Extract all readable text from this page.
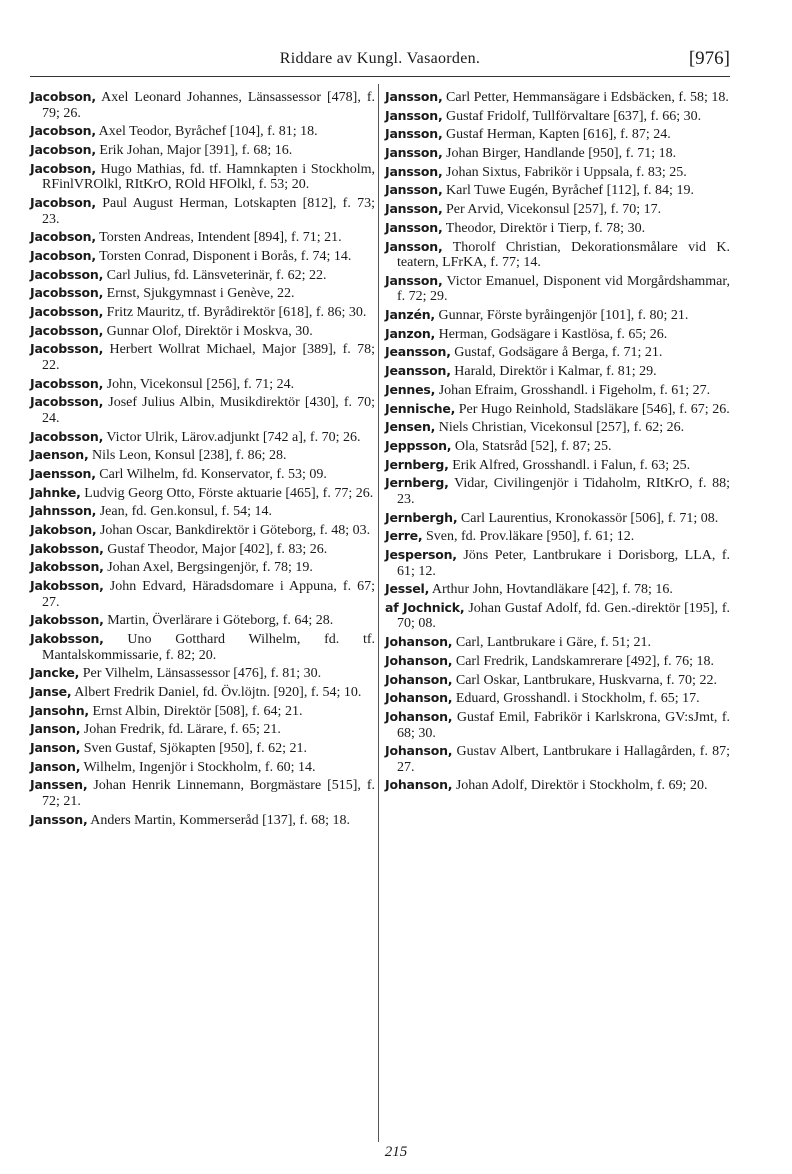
Riddare av Kungl. Vasaorden.	[976]

Jacobson, Axel Leonard Johannes, Länsassessor [478], f. 79; 26.

Jacobson, Axel Teodor, Byråchef [104], f. 81; 18.

Jacobson, Erik Johan, Major [391], f. 68; 16.

Jacobson, Hugo Mathias, fd. tf. Hamnkapten i Stockholm, RFinlVROlkl, RItKrO, ROld HFOlkl, f. 53; 20.

Jacobson, Paul August Herman, Lotskapten [812], f. 73; 23.

Jacobson, Torsten Andreas, Intendent [894], f. 71; 21.

Jacobson, Torsten Conrad, Disponent i Borås, f. 74; 14.

Jacobsson, Carl Julius, fd. Länsveterinär, f. 62; 22.

Jacobsson, Ernst, Sjukgymnast i Genève, 22.

Jacobsson, Fritz Mauritz, tf. Byrådirektör [618], f. 86; 30.

Jacobsson, Gunnar Olof, Direktör i Moskva, 30.

Jacobsson, Herbert Wollrat Michael, Major [389], f. 78; 22.

Jacobsson, John, Vicekonsul [256], f. 71; 24.

Jacobsson, Josef Julius Albin, Musikdirektör [430], f. 70; 24.

Jacobsson, Victor Ulrik, Lärov.adjunkt [742 a], f. 70; 26.

Jaenson, Nils Leon, Konsul [238], f. 86; 28.

Jaensson, Carl Wilhelm, fd. Konservator, f. 53; 09.

Jahnke, Ludvig Georg Otto, Förste aktuarie [465], f. 77; 26.

Jahnsson, Jean, fd. Gen.konsul, f. 54; 14.

Jakobson, Johan Oscar, Bankdirektör i Göteborg, f. 48; 03.

Jakobsson, Gustaf Theodor, Major [402], f. 83; 26.

Jakobsson, Johan Axel, Bergsingenjör, f. 78; 19.

Jakobsson, John Edvard, Häradsdomare i Appuna, f. 67; 27.

Jakobsson, Martin, Överlärare i Göteborg, f. 64; 28.

Jakobsson, Uno Gotthard Wilhelm, fd. tf. Mantalskommissarie, f. 82; 20.

Jancke, Per Vilhelm, Länsassessor [476], f. 81; 30.

Janse, Albert Fredrik Daniel, fd. Öv.löjtn. [920], f. 54; 10.

Jansohn, Ernst Albin, Direktör [508], f. 64; 21.

Janson, Johan Fredrik, fd. Lärare, f. 65; 21.

Janson, Sven Gustaf, Sjökapten [950], f. 62; 21.

Janson, Wilhelm, Ingenjör i Stockholm, f. 60; 14.

Janssen, Johan Henrik Linnemann, Borgmästare [515], f. 72; 21.

Jansson, Anders Martin, Kommerseråd [137], f. 68; 18.

Jansson, Carl Petter, Hemmansägare i Edsbäcken, f. 58; 18.

Jansson, Gustaf Fridolf, Tullförvaltare [637], f. 66; 30.

Jansson, Gustaf Herman, Kapten [616], f. 87; 24.

Jansson, Johan Birger, Handlande [950], f. 71; 18.

Jansson, Johan Sixtus, Fabrikör i Uppsala, f. 83; 25.

Jansson, Karl Tuwe Eugén, Byråchef [112], f. 84; 19.

Jansson, Per Arvid, Vicekonsul [257], f. 70; 17.

Jansson, Theodor, Direktör i Tierp, f. 78; 30.

Jansson, Thorolf Christian, Dekorationsmålare vid K. teatern, LFrKA, f. 77; 14.

Jansson, Victor Emanuel, Disponent vid Morgårdshammar, f. 72; 29.

Janzén, Gunnar, Förste byråingenjör [101], f. 80; 21.

Janzon, Herman, Godsägare i Kastlösa, f. 65; 26.

Jeansson, Gustaf, Godsägare å Berga, f. 71; 21.

Jeansson, Harald, Direktör i Kalmar, f. 81; 29.

Jennes, Johan Efraim, Grosshandl. i Figeholm, f. 61; 27.

Jennische, Per Hugo Reinhold, Stadsläkare [546], f. 67; 26.

Jensen, Niels Christian, Vicekonsul [257], f. 62; 26.

Jeppsson, Ola, Statsråd [52], f. 87; 25.

Jernberg, Erik Alfred, Grosshandl. i Falun, f. 63; 25.

Jernberg, Vidar, Civilingenjör i Tidaholm, RItKrO, f. 88; 23.

Jernbergh, Carl Laurentius, Kronokassör [506], f. 71; 08.

Jerre, Sven, fd. Prov.läkare [950], f. 61; 12.

Jesperson, Jöns Peter, Lantbrukare i Dorisborg, LLA, f. 61; 12.

Jessel, Arthur John, Hovtandläkare [42], f. 78; 16.

af Jochnick, Johan Gustaf Adolf, fd. Gen.-direktör [195], f. 70; 08.

Johanson, Carl, Lantbrukare i Gäre, f. 51; 21.

Johanson, Carl Fredrik, Landskamrerare [492], f. 76; 18.

Johanson, Carl Oskar, Lantbrukare, Huskvarna, f. 70; 22.

Johanson, Eduard, Grosshandl. i Stockholm, f. 65; 17.

Johanson, Gustaf Emil, Fabrikör i Karlskrona, GV:sJmt, f. 68; 30.

Johanson, Gustav Albert, Lantbrukare i Hallagården, f. 87; 27.

Johanson, Johan Adolf, Direktör i Stockholm, f. 69; 20.

215
